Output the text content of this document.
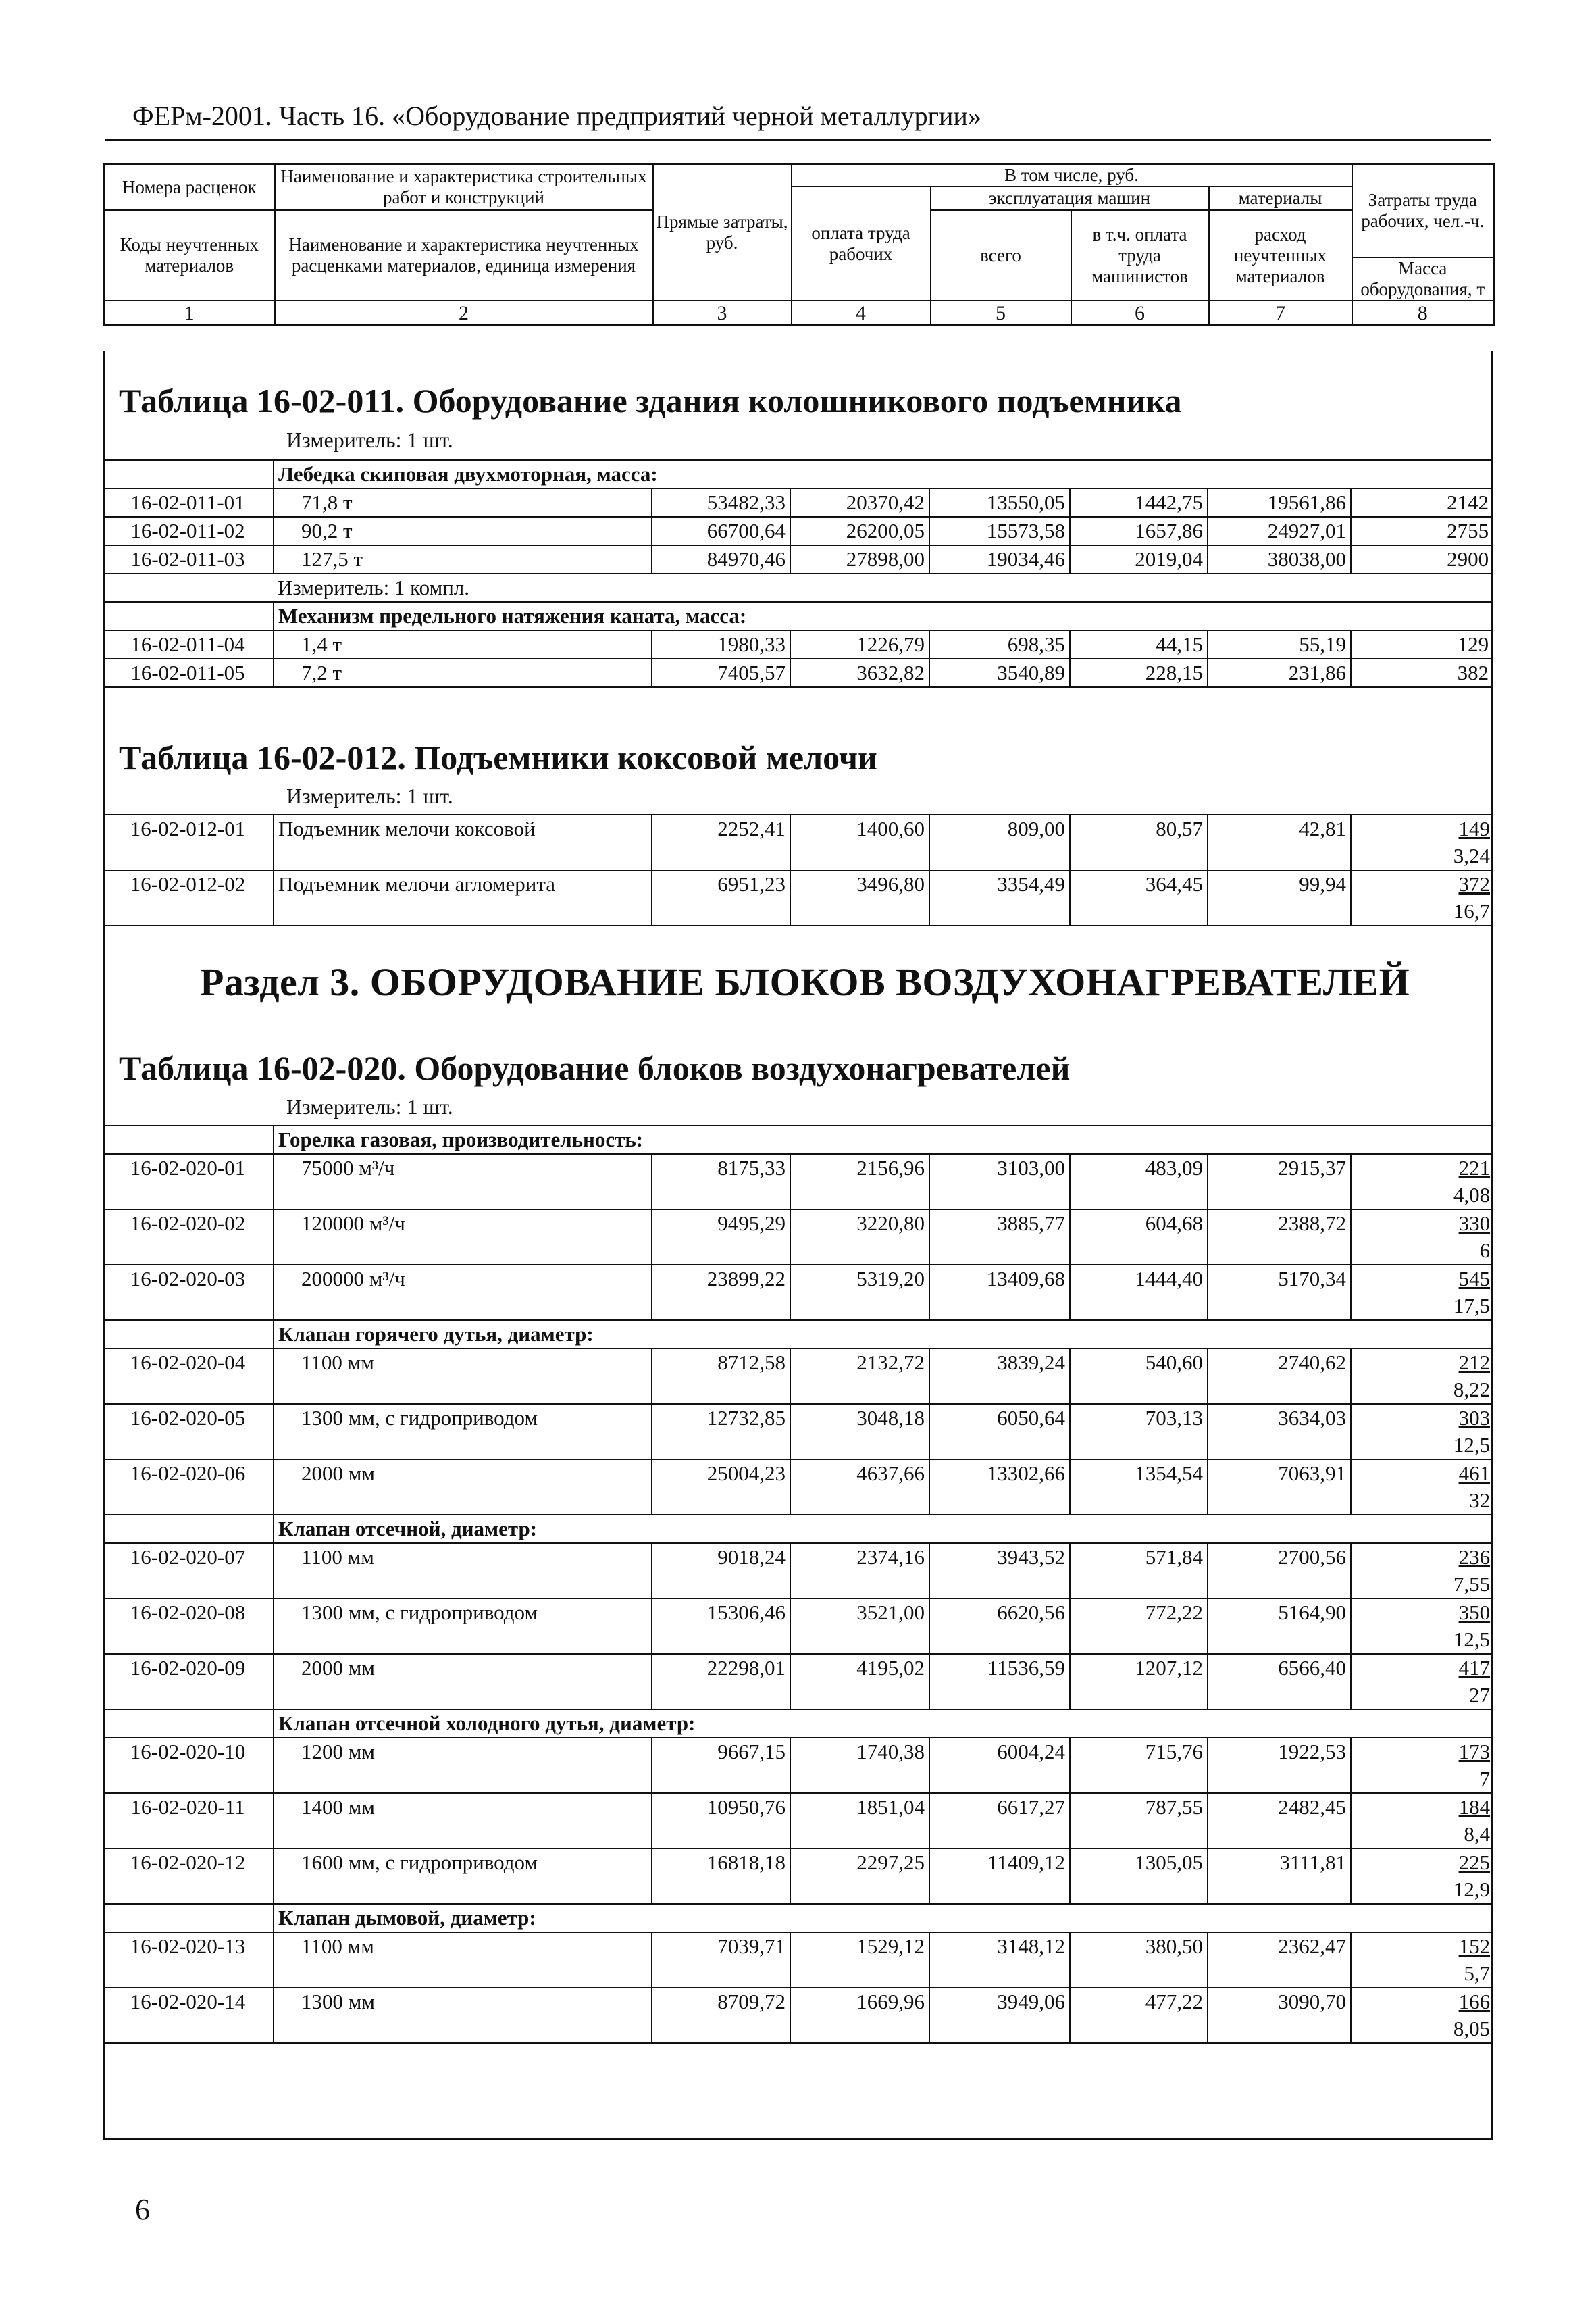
ФЕРм-2001. Часть 16. «Оборудование предприятий черной металлургии»
Номера расценок	Наименование и характеристика строительных работ и конструкций	Прямые затраты, руб.	В том числе, руб.				Затраты труда рабочих, чел.-ч.
			оплата труда рабочих	эксплуатация машин		материалы	
Коды неучтенных материалов	Наименование и характеристика неучтенных расценками материалов, единица измерения			всего	в т.ч. оплата труда машинистов	расход неучтенных материалов	
							Масса оборудования, т
1	2	3	4	5	6	7	8
Таблица 16-02-011. Оборудование здания колошникового подъемника
Измеритель: 1 шт.
	Лебедка скиповая двухмоторная, масса:						
16-02-011-01	71,8 т	53482,33	20370,42	13550,05	1442,75	19561,86	2142
16-02-011-02	90,2 т	66700,64	26200,05	15573,58	1657,86	24927,01	2755
16-02-011-03	127,5 т	84970,46	27898,00	19034,46	2019,04	38038,00	2900
	Измеритель: 1 компл.						
	Механизм предельного натяжения каната, масса:						
16-02-011-04	1,4 т	1980,33	1226,79	698,35	44,15	55,19	129
16-02-011-05	7,2 т	7405,57	3632,82	3540,89	228,15	231,86	382

Таблица 16-02-012. Подъемники коксовой мелочи
Измеритель: 1 шт.
16-02-012-01	Подъемник мелочи коксовой	2252,41	1400,60	809,00	80,57	42,81	149
3,24

16-02-012-02	Подъемник мелочи агломерита	6951,23	3496,80	3354,49	364,45	99,94	372
16,7

Раздел 3. ОБОРУДОВАНИЕ БЛОКОВ ВОЗДУХОНАГРЕВАТЕЛЕЙ
Таблица 16-02-020. Оборудование блоков воздухонагревателей
Измеритель: 1 шт.
	Горелка газовая, производительность:						
16-02-020-01	75000 м³/ч	8175,33	2156,96	3103,00	483,09	2915,37	221
4,08

16-02-020-02	120000 м³/ч	9495,29	3220,80	3885,77	604,68	2388,72	330
6

16-02-020-03	200000 м³/ч	23899,22	5319,20	13409,68	1444,40	5170,34	545
17,5

	Клапан горячего дутья, диаметр:						
16-02-020-04	1100 мм	8712,58	2132,72	3839,24	540,60	2740,62	212
8,22

16-02-020-05	1300 мм, с гидроприводом	12732,85	3048,18	6050,64	703,13	3634,03	303
12,5

16-02-020-06	2000 мм	25004,23	4637,66	13302,66	1354,54	7063,91	461
32

	Клапан отсечной, диаметр:						
16-02-020-07	1100 мм	9018,24	2374,16	3943,52	571,84	2700,56	236
7,55

16-02-020-08	1300 мм, с гидроприводом	15306,46	3521,00	6620,56	772,22	5164,90	350
12,5

16-02-020-09	2000 мм	22298,01	4195,02	11536,59	1207,12	6566,40	417
27

	Клапан отсечной холодного дутья, диаметр:						
16-02-020-10	1200 мм	9667,15	1740,38	6004,24	715,76	1922,53	173
7

16-02-020-11	1400 мм	10950,76	1851,04	6617,27	787,55	2482,45	184
8,4

16-02-020-12	1600 мм, с гидроприводом	16818,18	2297,25	11409,12	1305,05	3111,81	225
12,9

	Клапан дымовой, диаметр:						
16-02-020-13	1100 мм	7039,71	1529,12	3148,12	380,50	2362,47	152
5,7

16-02-020-14	1300 мм	8709,72	1669,96	3949,06	477,22	3090,70	166
8,05

6
